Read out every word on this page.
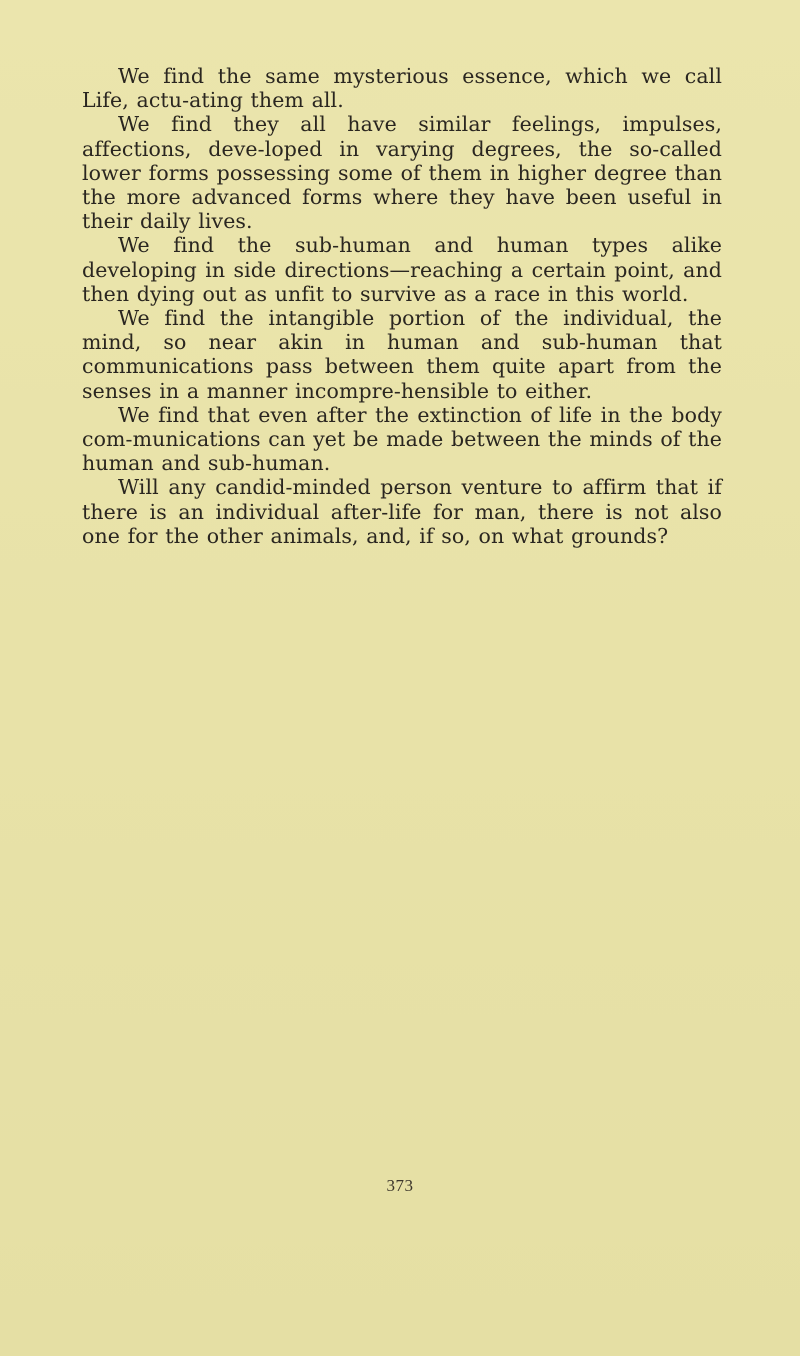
We find the same mysterious essence, which we call Life, actu-ating them all.

We find they all have similar feelings, impulses, affections, deve-loped in varying degrees, the so-called lower forms possessing some of them in higher degree than the more advanced forms where they have been useful in their daily lives.

We find the sub-human and human types alike developing in side directions—reaching a certain point, and then dying out as unfit to survive as a race in this world.

We find the intangible portion of the individual, the mind, so near akin in human and sub-human that communications pass between them quite apart from the senses in a manner incompre-hensible to either.

We find that even after the extinction of life in the body com-munications can yet be made between the minds of the human and sub-human.

Will any candid-minded person venture to affirm that if there is an individual after-life for man, there is not also one for the other animals, and, if so, on what grounds?

373
